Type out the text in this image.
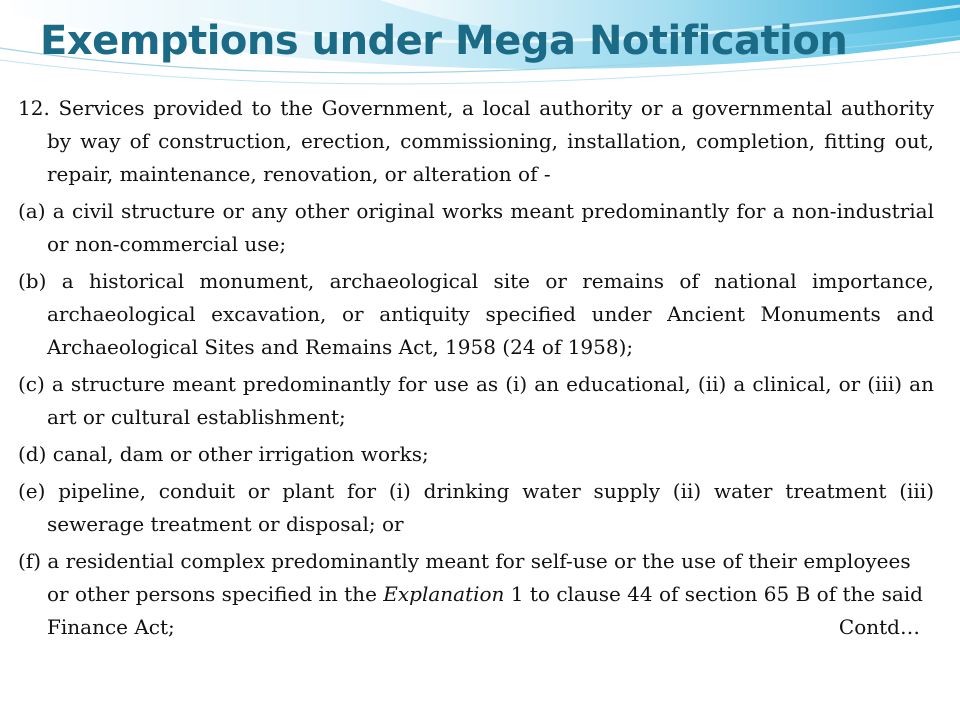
Exemptions under Mega Notification

12. Services provided to the Government, a local authority or a governmental authority by way of construction, erection, commissioning, installation, completion, fitting out, repair, maintenance, renovation, or alteration of -

(a) a civil structure or any other original works meant predominantly for a non-industrial or non-commercial use;

(b) a historical monument, archaeological site or remains of national importance, archaeological excavation, or antiquity specified under Ancient Monuments and Archaeological Sites and Remains Act, 1958 (24 of 1958);

(c) a structure meant predominantly for use as (i) an educational, (ii) a clinical, or (iii) an art or cultural establishment;

(d) canal, dam or other irrigation works;

(e) pipeline, conduit or plant for (i) drinking water supply (ii) water treatment (iii) sewerage treatment or disposal; or

(f) a residential complex predominantly meant for self-use or the use of their employees or other persons specified in the Explanation 1 to clause 44 of section 65 B of the said Finance Act;	Contd…
